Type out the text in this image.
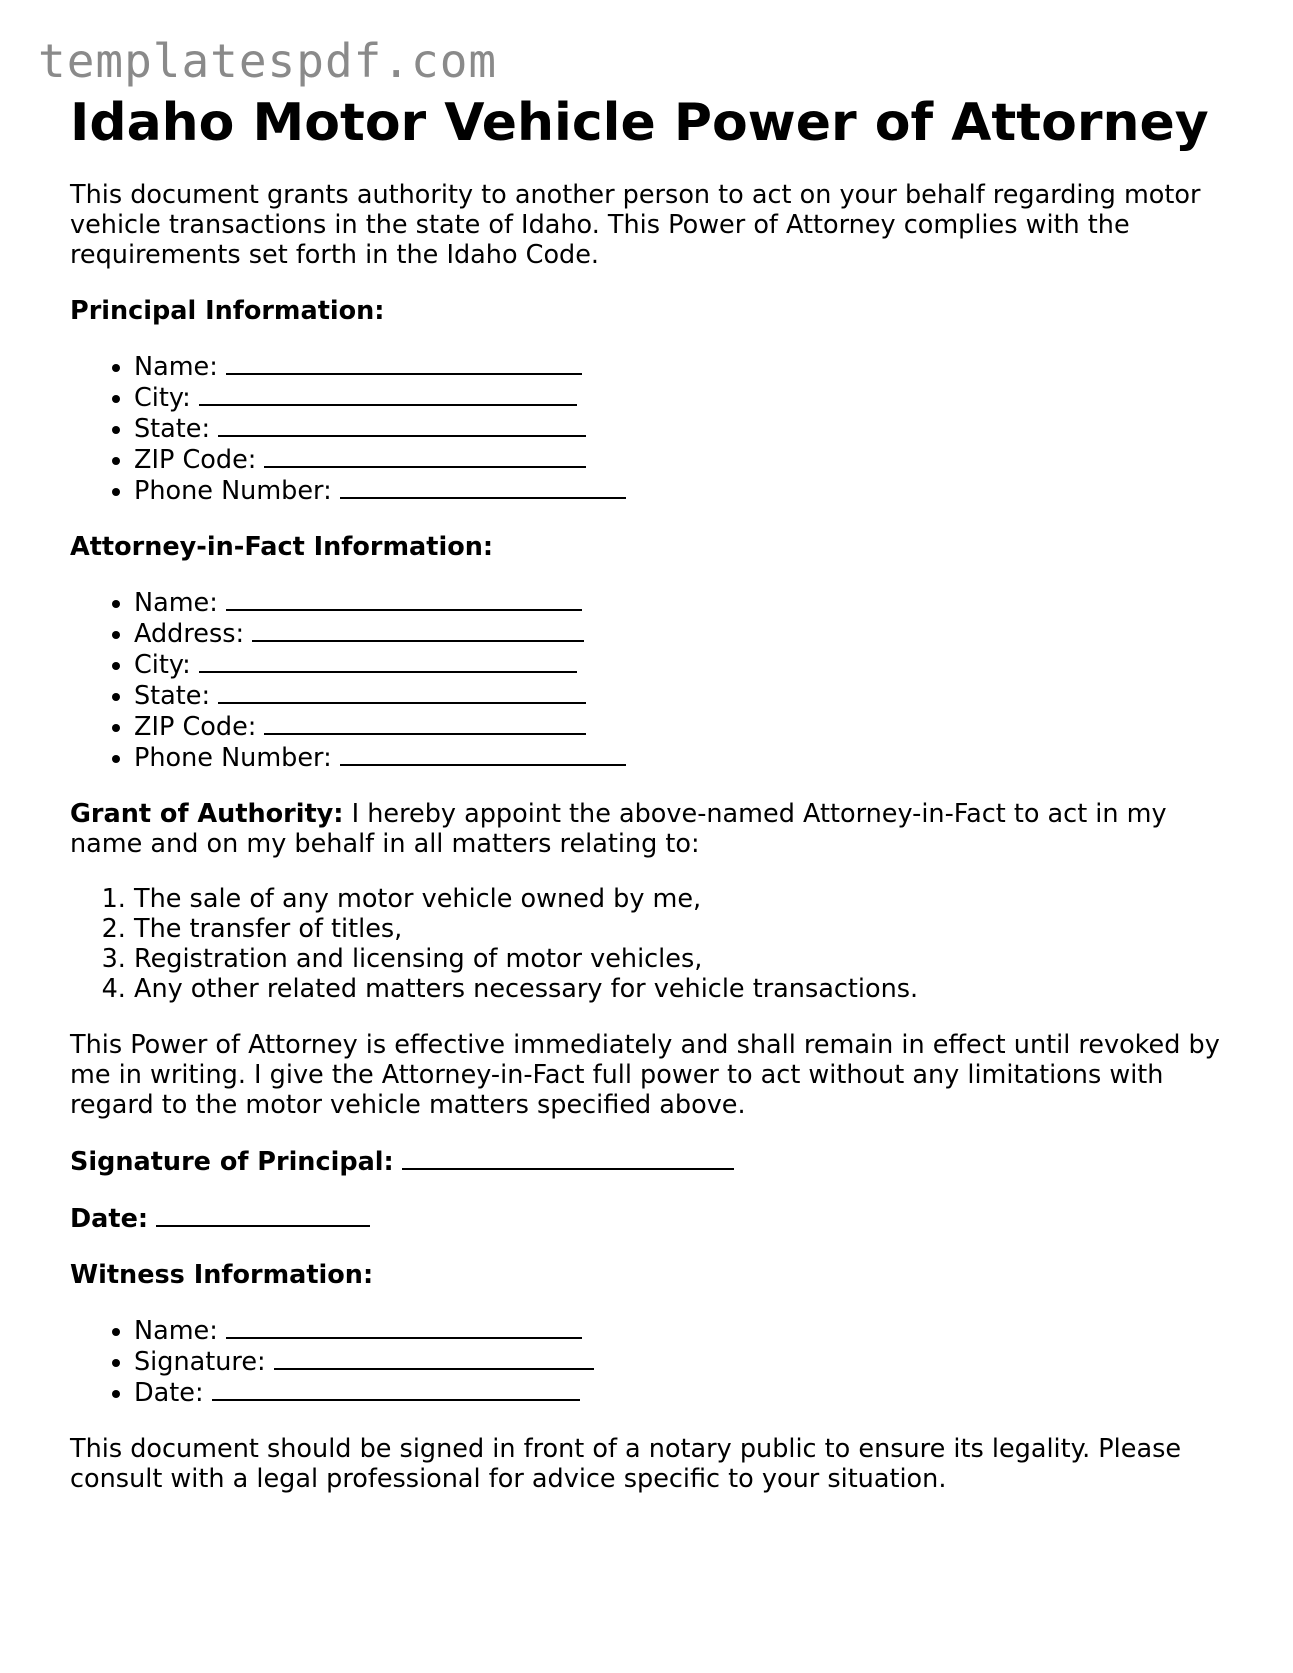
templatespdf.com
Idaho Motor Vehicle Power of Attorney

This document grants authority to another person to act on your behalf regarding motor vehicle transactions in the state of Idaho. This Power of Attorney complies with the requirements set forth in the Idaho Code.

Principal Information:

• Name:
• City:
• State:
• ZIP Code:
• Phone Number:

Attorney-in-Fact Information:

• Name:
• Address:
• City:
• State:
• ZIP Code:
• Phone Number:

Grant of Authority: I hereby appoint the above-named Attorney-in-Fact to act in my name and on my behalf in all matters relating to:

1. The sale of any motor vehicle owned by me,
2. The transfer of titles,
3. Registration and licensing of motor vehicles,
4. Any other related matters necessary for vehicle transactions.

This Power of Attorney is effective immediately and shall remain in effect until revoked by me in writing. I give the Attorney-in-Fact full power to act without any limitations with regard to the motor vehicle matters specified above.

Signature of Principal:

Date:

Witness Information:

• Name:
• Signature:
• Date:

This document should be signed in front of a notary public to ensure its legality. Please consult with a legal professional for advice specific to your situation.
